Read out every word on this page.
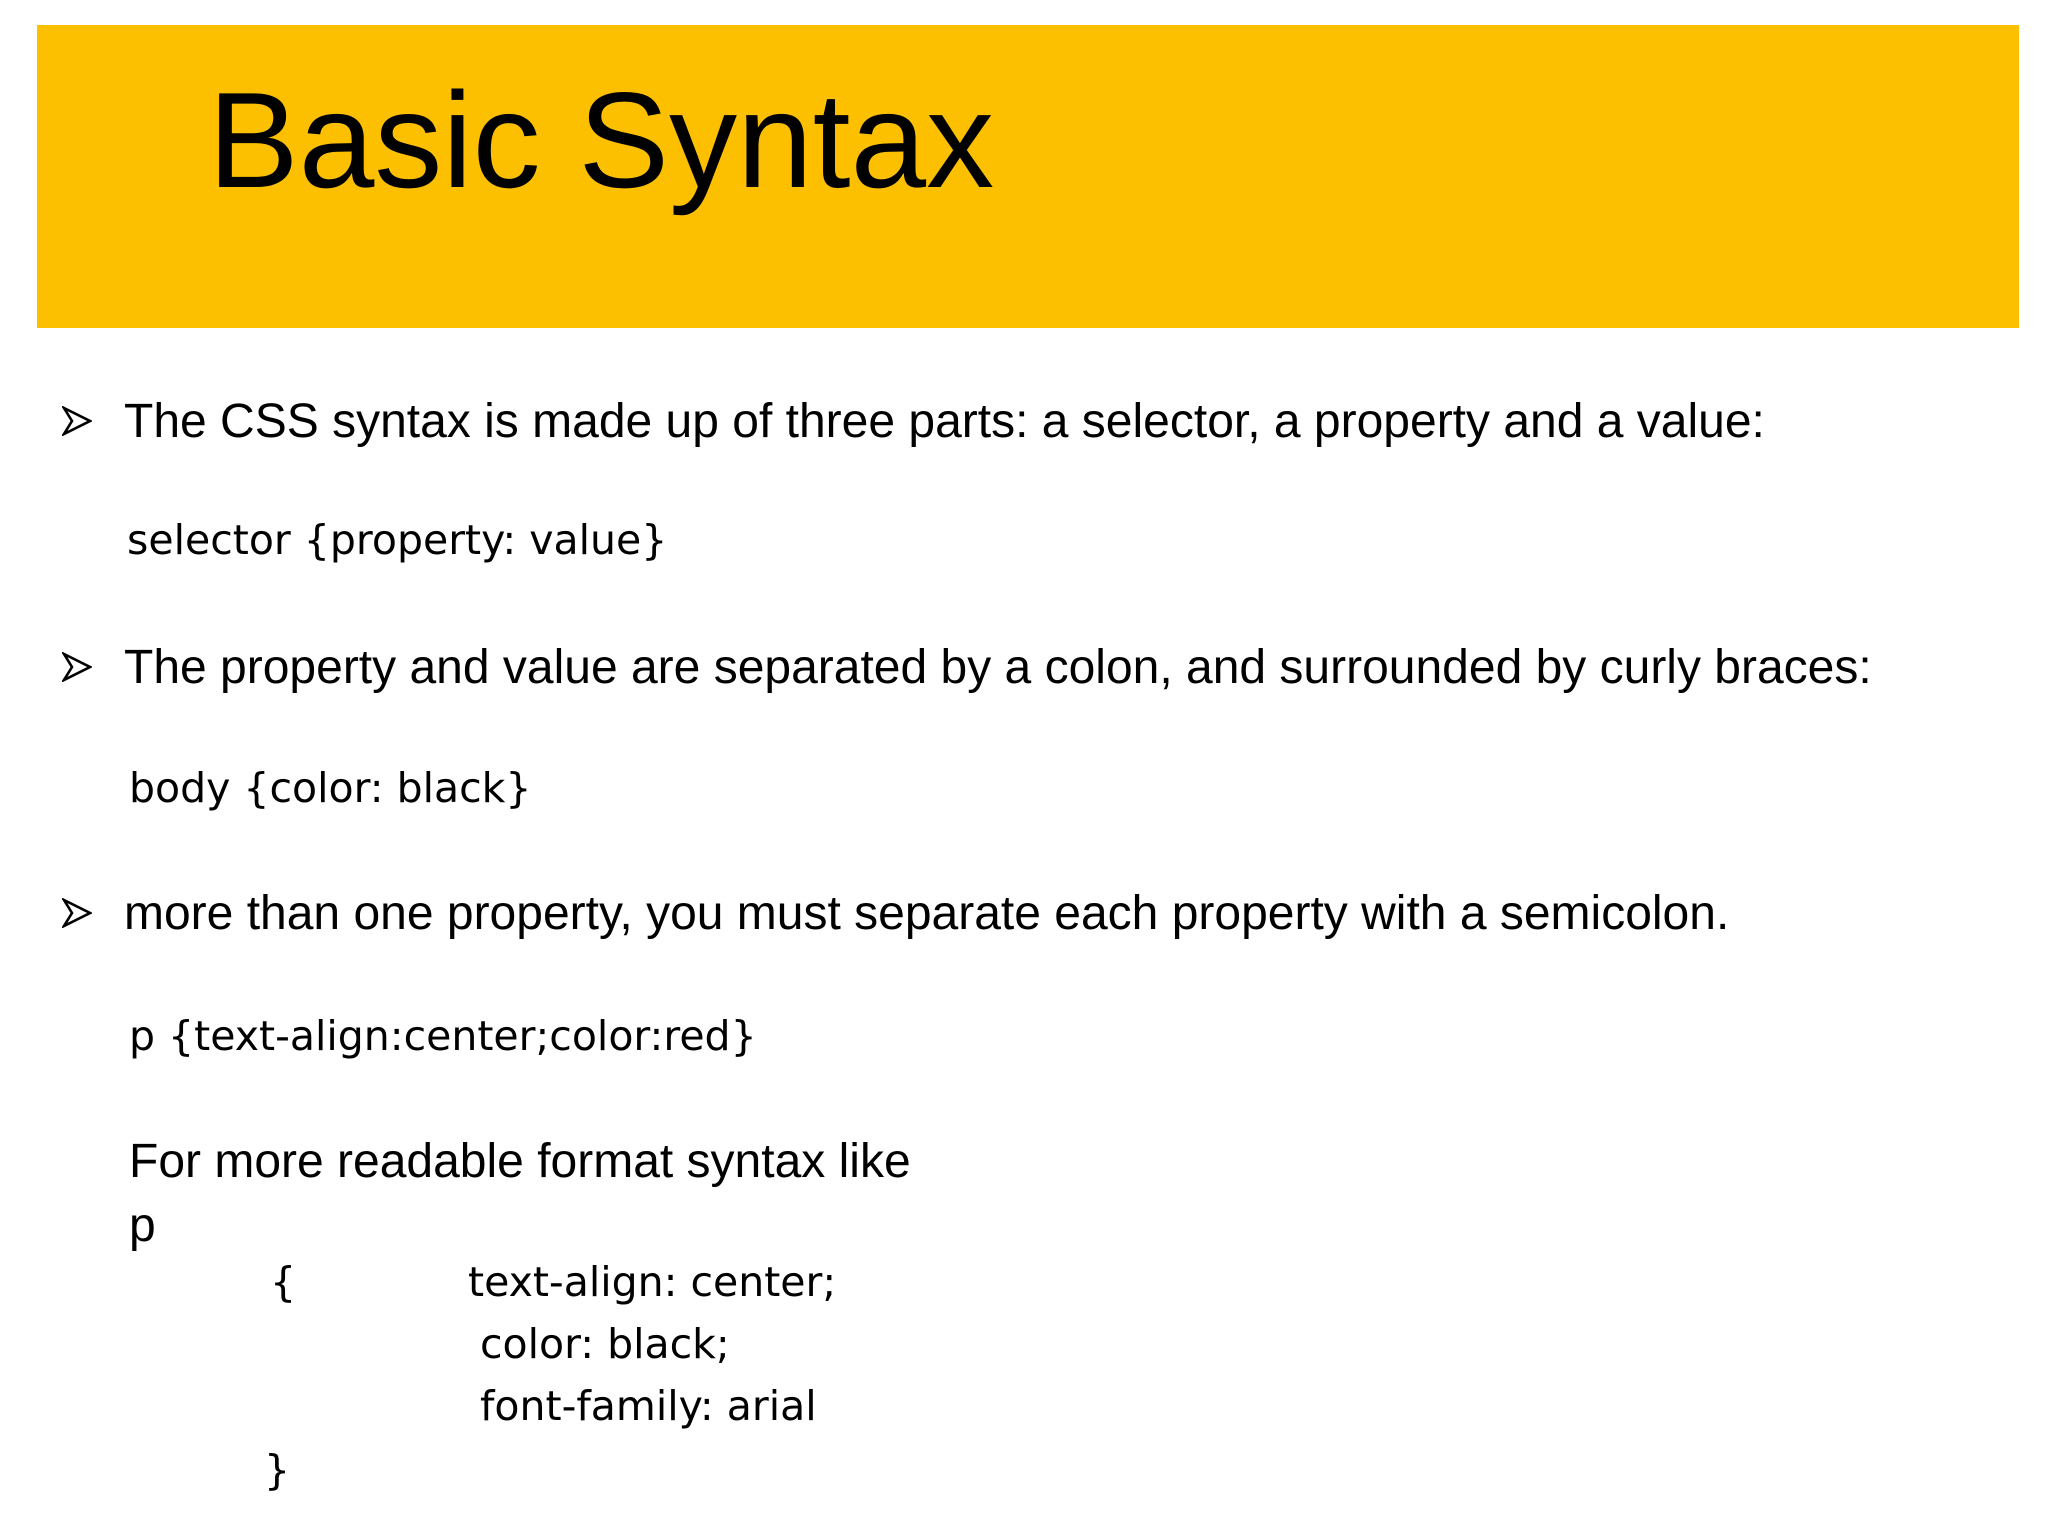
Basic Syntax
The CSS syntax is made up of three parts: a selector, a property and a value:
selector {property: value}
The property and value are separated by a colon, and surrounded by curly braces:
body {color: black}
more than one property, you must separate each property with a semicolon.
p {text-align:center;color:red}
For more readable format syntax like
p
{	text-align: center;
color: black;
font-family: arial
}
